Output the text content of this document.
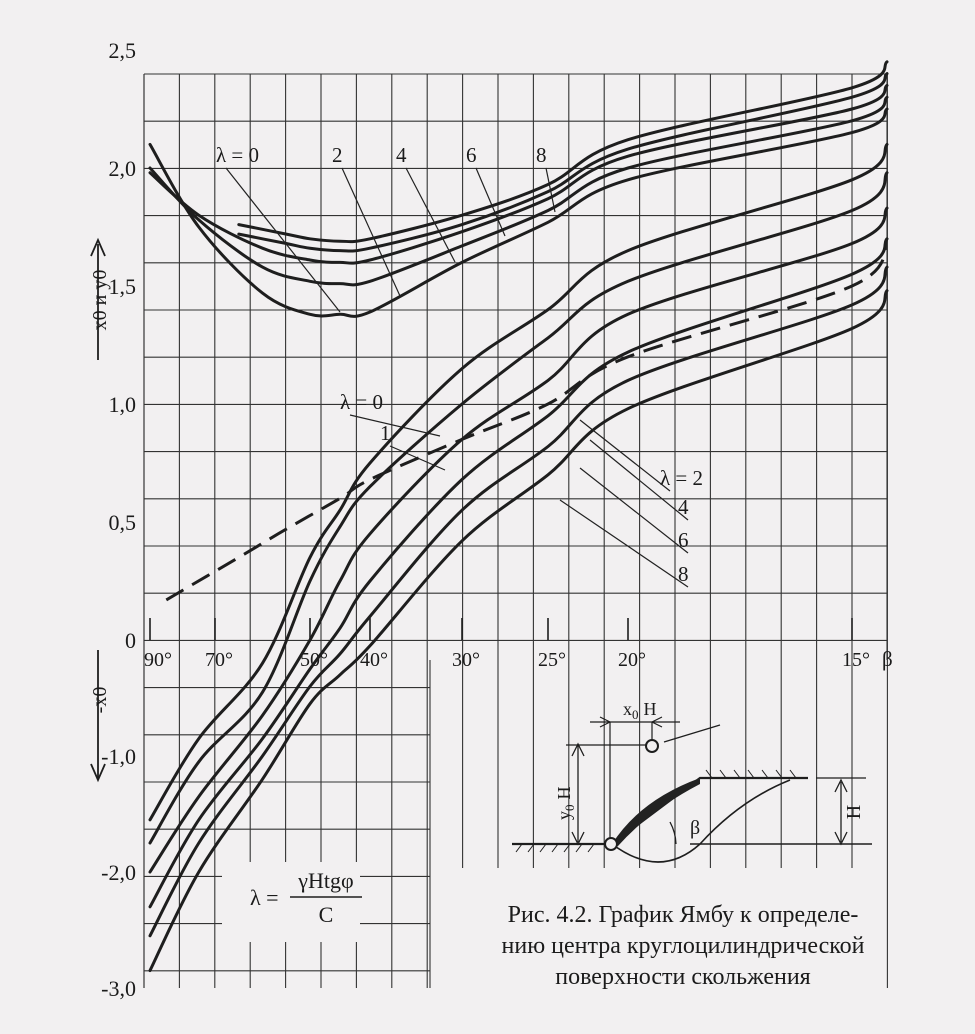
2,5
2,0
1,5
1,0
0,5
0
-1,0
-2,0
-3,0
90° 70°	50° 40°	30°	25°	20°	15° β
x0 и y0
-x0
λ = 0	2	4	6	8
λ = 0
1
λ = 2
4
6
8
λ =
γHtgφ
C
β
H
$x_0$ H
$y_0H$
Рис. 4.2. График Ямбу к определе-
нию центра круглоцилиндрической
поверхности скольжения
